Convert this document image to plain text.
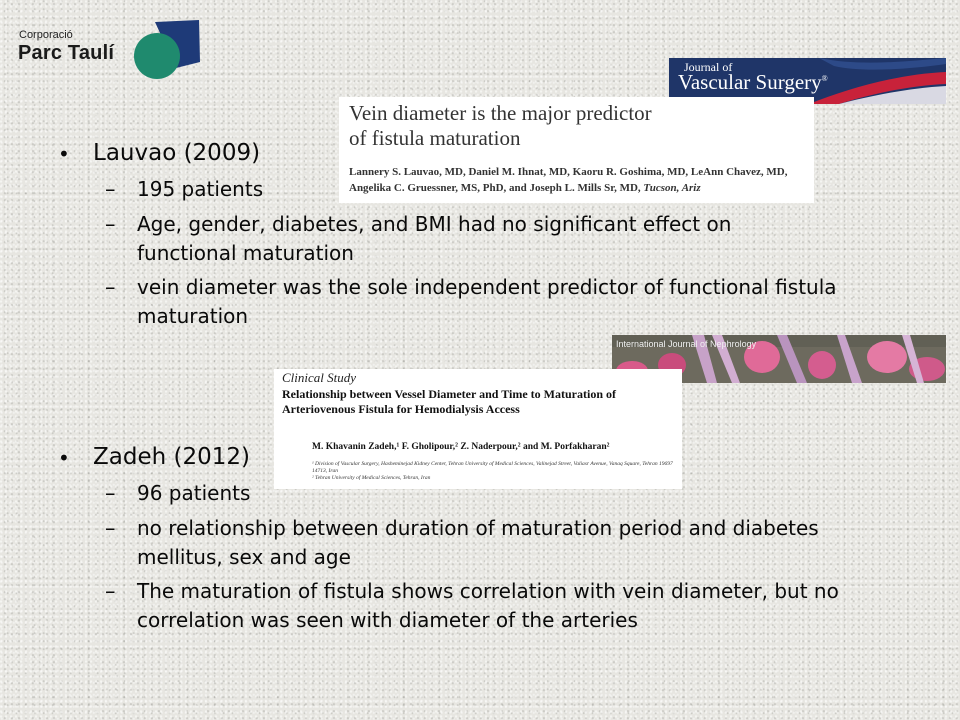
Corporació
Parc Taulí
Journal of
Vascular Surgery®
Vein diameter is the major predictor
of fistula maturation
Lannery S. Lauvao, MD, Daniel M. Ihnat, MD, Kaoru R. Goshima, MD, LeAnn Chavez, MD, Angelika C. Gruessner, MS, PhD, and Joseph L. Mills Sr, MD, Tucson, Ariz
International Journal of Nephrology
Clinical Study
Relationship between Vessel Diameter and Time to Maturation of
Arteriovenous Fistula for Hemodialysis Access
M. Khavanin Zadeh,¹ F. Gholipour,² Z. Naderpour,² and M. Porfakharan²
¹ Division of Vascular Surgery, Hasheminejad Kidney Center, Tehran University of Medical Sciences, Valinejad Street, Valiasr Avenue, Vanaq Square, Tehran 19697 14713, Iran
² Tehran University of Medical Sciences, Tehran, Iran
• Lauvao (2009)
– 195 patients
– Age, gender, diabetes, and BMI had no significant effect on functional maturation
– vein diameter was the sole independent predictor of functional fistula maturation
• Zadeh (2012)
– 96 patients
– no relationship between duration of maturation period and diabetes mellitus, sex and age
– The maturation of fistula shows correlation with vein diameter, but no correlation was seen with diameter of the arteries
